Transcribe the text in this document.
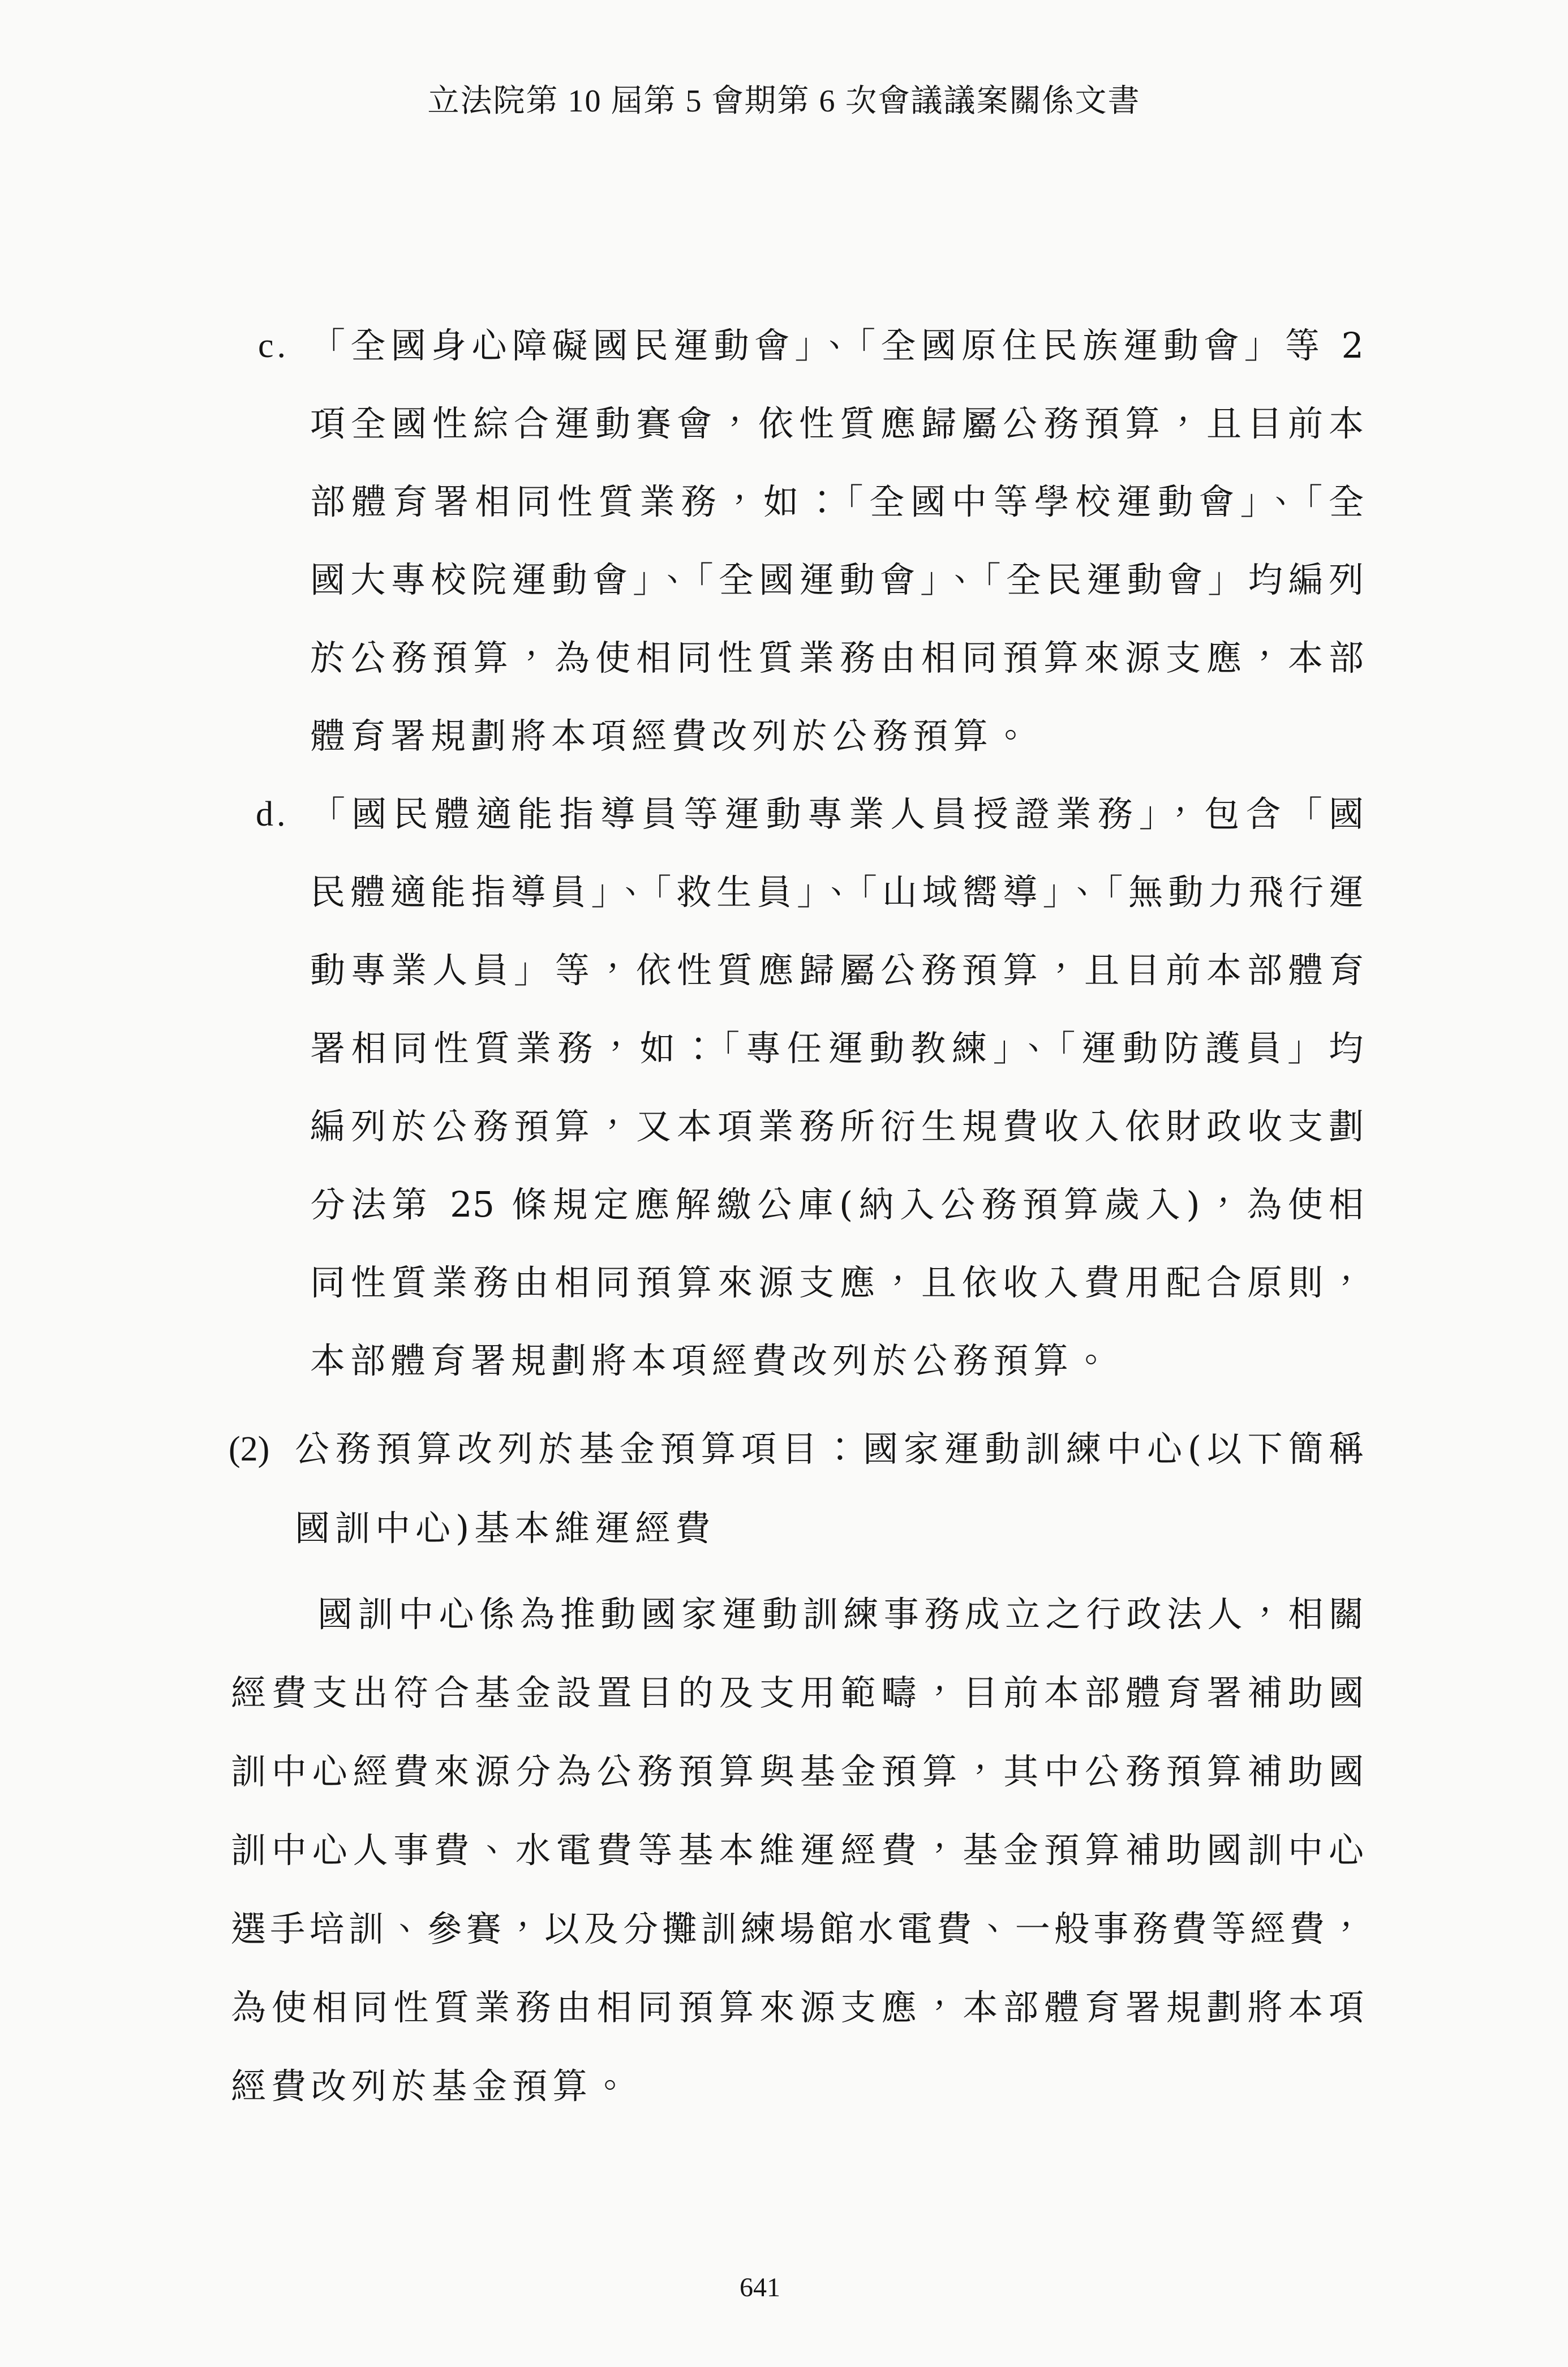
立法院第 10 屆第 5 會期第 6 次會議議案關係文書
c.
d.
「全國身心障礙國民運動會」、「全國原住民族運動會」等 2
項全國性綜合運動賽會，依性質應歸屬公務預算，且目前本
部體育署相同性質業務，如：「全國中等學校運動會」、「全
國大專校院運動會」、「全國運動會」、「全民運動會」均編列
於公務預算，為使相同性質業務由相同預算來源支應，本部
體育署規劃將本項經費改列於公務預算。
「國民體適能指導員等運動專業人員授證業務」，包含「國
民體適能指導員」、「救生員」、「山域嚮導」、「無動力飛行運
動專業人員」等，依性質應歸屬公務預算，且目前本部體育
署相同性質業務，如：「專任運動教練」、「運動防護員」均
編列於公務預算，又本項業務所衍生規費收入依財政收支劃
分法第 25 條規定應解繳公庫(納入公務預算歲入)，為使相
同性質業務由相同預算來源支應，且依收入費用配合原則，
本部體育署規劃將本項經費改列於公務預算。
(2) 公務預算改列於基金預算項目：國家運動訓練中心(以下簡稱
國訓中心)基本維運經費
國訓中心係為推動國家運動訓練事務成立之行政法人，相關
經費支出符合基金設置目的及支用範疇，目前本部體育署補助國
訓中心經費來源分為公務預算與基金預算，其中公務預算補助國
訓中心人事費、水電費等基本維運經費，基金預算補助國訓中心
選手培訓、參賽，以及分攤訓練場館水電費、一般事務費等經費，
為使相同性質業務由相同預算來源支應，本部體育署規劃將本項
經費改列於基金預算。
641
